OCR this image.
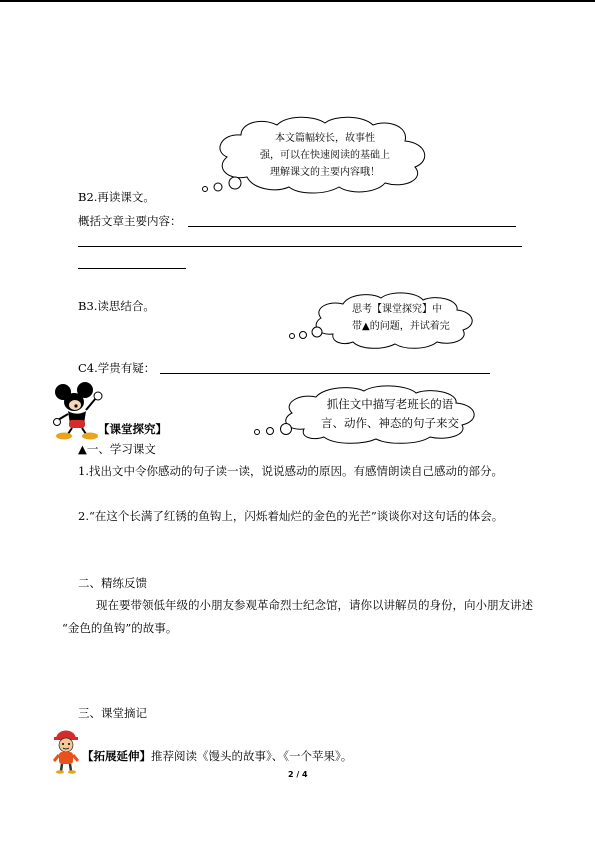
本文篇幅较长，故事性
强，可以在快速阅读的基础上
理解课文的主要内容哦！
B2.再读课文。
概括文章主要内容：
思考【课堂探究】中
带▲的问题，并试着完
B3.读思结合。
C4.学贵有疑：
抓住文中描写老班长的语
言、动作、神态的句子来交
【课堂探究】
▲一、学习课文
1.找出文中令你感动的句子读一读，说说感动的原因。有感情朗读自己感动的部分。
2.“在这个长满了红锈的鱼钩上，闪烁着灿烂的金色的光芒”谈谈你对这句话的体会。
二、精练反馈
现在要带领低年级的小朋友参观革命烈士纪念馆，请你以讲解员的身份，向小朋友讲述
“金色的鱼钩”的故事。
三、课堂摘记
【拓展延伸】推荐阅读《馒头的故事》、《一个苹果》。
2 / 4
